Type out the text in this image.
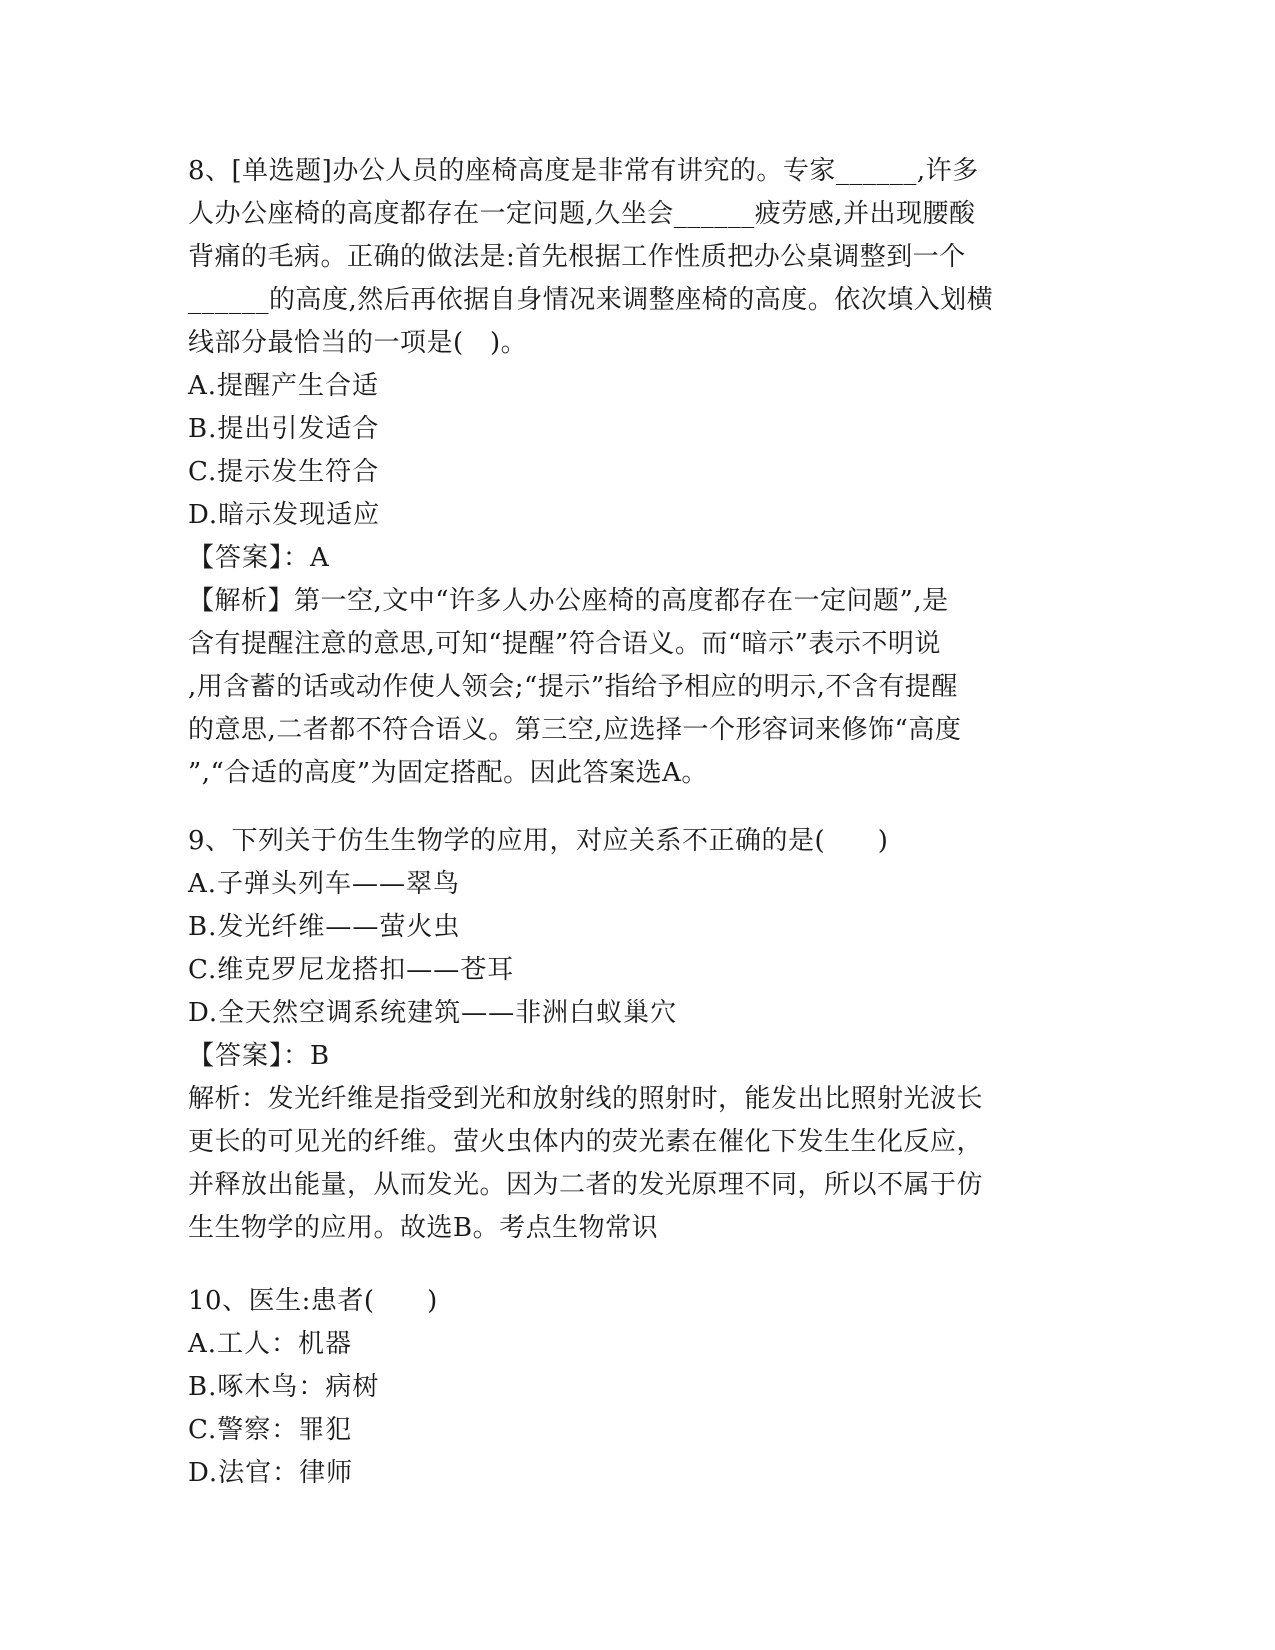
8、[单选题]办公人员的座椅高度是非常有讲究的。专家______,许多
人办公座椅的高度都存在一定问题,久坐会______疲劳感,并出现腰酸
背痛的毛病。正确的做法是:首先根据工作性质把办公桌调整到一个
______的高度,然后再依据自身情况来调整座椅的高度。依次填入划横
线部分最恰当的一项是(   )。
A.提醒产生合适
B.提出引发适合
C.提示发生符合
D.暗示发现适应
【答案】：A
【解析】第一空,文中“许多人办公座椅的高度都存在一定问题”,是
含有提醒注意的意思,可知“提醒”符合语义。而“暗示”表示不明说
,用含蓄的话或动作使人领会;“提示”指给予相应的明示,不含有提醒
的意思,二者都不符合语义。第三空,应选择一个形容词来修饰“高度
”,“合适的高度”为固定搭配。因此答案选A。
9、下列关于仿生生物学的应用，对应关系不正确的是(      )
A.子弹头列车——翠鸟
B.发光纤维——萤火虫
C.维克罗尼龙搭扣——苍耳
D.全天然空调系统建筑——非洲白蚁巢穴
【答案】：B
解析：发光纤维是指受到光和放射线的照射时，能发出比照射光波长
更长的可见光的纤维。萤火虫体内的荧光素在催化下发生生化反应，
并释放出能量，从而发光。因为二者的发光原理不同，所以不属于仿
生生物学的应用。故选B。考点生物常识
10、医生:患者(      )
A.工人：机器
B.啄木鸟：病树
C.警察：罪犯
D.法官：律师
